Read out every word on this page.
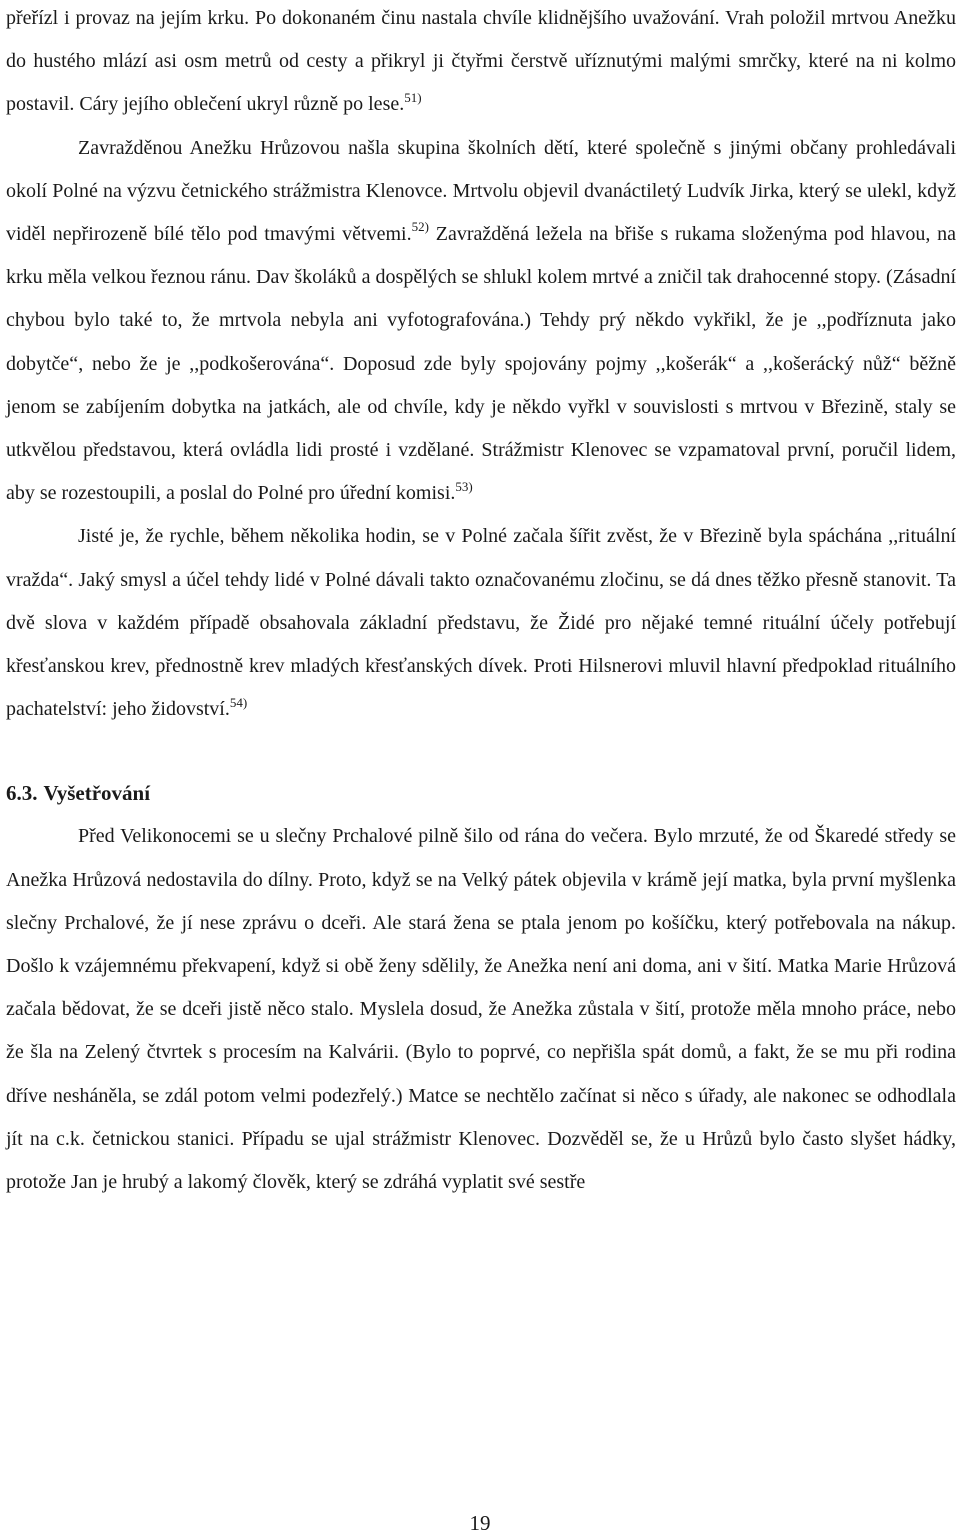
přeřízl i provaz na jejím krku. Po dokonaném činu nastala chvíle klidnějšího uvažování. Vrah položil mrtvou Anežku do hustého mlází asi osm metrů od cesty a přikryl ji čtyřmi čerstvě uříznutými malými smrčky, které na ni kolmo postavil. Cáry jejího oblečení ukryl různě po lese.$^{51)}$

Zavražděnou Anežku Hrůzovou našla skupina školních dětí, které společně s jinými občany prohledávali okolí Polné na výzvu četnického strážmistra Klenovce. Mrtvolu objevil dvanáctiletý Ludvík Jirka, který se ulekl, když viděl nepřirozeně bílé tělo pod tmavými větvemi.$^{52)}$ Zavražděná ležela na břiše s rukama složenýma pod hlavou, na krku měla velkou řeznou ránu. Dav školáků a dospělých se shlukl kolem mrtvé a zničil tak drahocenné stopy. (Zásadní chybou bylo také to, že mrtvola nebyla ani vyfotografována.) Tehdy prý někdo vykřikl, že je ,,podříznuta jako dobytče“, nebo že je ,,podkošerována“. Doposud zde byly spojovány pojmy ,,košerák“ a ,,košerácký nůž“ běžně jenom se zabíjením dobytka na jatkách, ale od chvíle, kdy je někdo vyřkl v souvislosti s mrtvou v Březině, staly se utkvělou představou, která ovládla lidi prosté i vzdělané. Strážmistr Klenovec se vzpamatoval první, poručil lidem, aby se rozestoupili, a poslal do Polné pro úřední komisi.$^{53)}$

Jisté je, že rychle, během několika hodin, se v Polné začala šířit zvěst, že v Březině byla spáchána ,,rituální vražda“. Jaký smysl a účel tehdy lidé v Polné dávali takto označovanému zločinu, se dá dnes těžko přesně stanovit. Ta dvě slova v každém případě obsahovala základní představu, že Židé pro nějaké temné rituální účely potřebují křesťanskou krev, přednostně krev mladých křesťanských dívek. Proti Hilsnerovi mluvil hlavní předpoklad rituálního pachatelství: jeho židovství.$^{54)}$

6.3. Vyšetřování

Před Velikonocemi se u slečny Prchalové pilně šilo od rána do večera. Bylo mrzuté, že od Škaredé středy se Anežka Hrůzová nedostavila do dílny. Proto, když se na Velký pátek objevila v krámě její matka, byla první myšlenka slečny Prchalové, že jí nese zprávu o dceři. Ale stará žena se ptala jenom po košíčku, který potřebovala na nákup. Došlo k vzájemnému překvapení, když si obě ženy sdělily, že Anežka není ani doma, ani v šití. Matka Marie Hrůzová začala bědovat, že se dceři jistě něco stalo. Myslela dosud, že Anežka zůstala v šití, protože měla mnoho práce, nebo že šla na Zelený čtvrtek s procesím na Kalvárii. (Bylo to poprvé, co nepřišla spát domů, a fakt, že se mu při rodina dříve nesháněla, se zdál potom velmi podezřelý.) Matce se nechtělo začínat si něco s úřady, ale nakonec se odhodlala jít na c.k. četnickou stanici. Případu se ujal strážmistr Klenovec. Dozvěděl se, že u Hrůzů bylo často slyšet hádky, protože Jan je hrubý a lakomý člověk, který se zdráhá vyplatit své sestře

19
